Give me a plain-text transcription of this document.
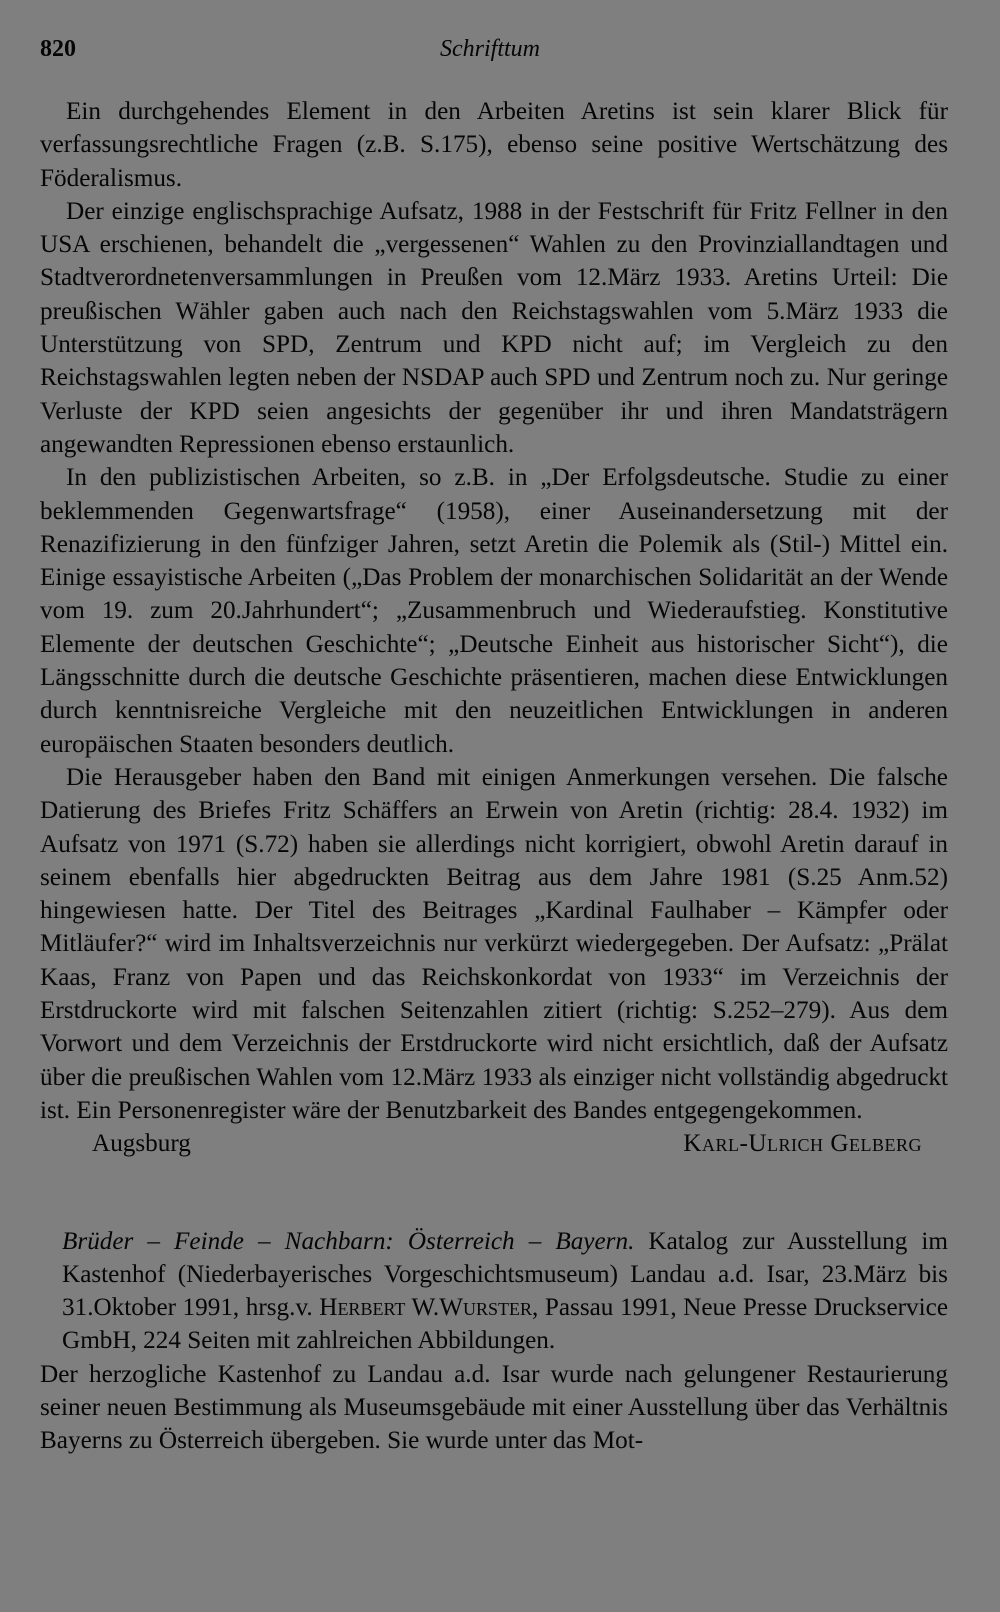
820	Schrifttum

Ein durchgehendes Element in den Arbeiten Aretins ist sein klarer Blick für verfassungsrechtliche Fragen (z.B. S.175), ebenso seine positive Wertschätzung des Föderalismus.

Der einzige englischsprachige Aufsatz, 1988 in der Festschrift für Fritz Fellner in den USA erschienen, behandelt die „vergessenen“ Wahlen zu den Provinziallandtagen und Stadtverordnetenversammlungen in Preußen vom 12.März 1933. Aretins Urteil: Die preußischen Wähler gaben auch nach den Reichstagswahlen vom 5.März 1933 die Unterstützung von SPD, Zentrum und KPD nicht auf; im Vergleich zu den Reichstagswahlen legten neben der NSDAP auch SPD und Zentrum noch zu. Nur geringe Verluste der KPD seien angesichts der gegenüber ihr und ihren Mandatsträgern angewandten Repressionen ebenso erstaunlich.

In den publizistischen Arbeiten, so z.B. in „Der Erfolgsdeutsche. Studie zu einer beklemmenden Gegenwartsfrage“ (1958), einer Auseinandersetzung mit der Renazifizierung in den fünfziger Jahren, setzt Aretin die Polemik als (Stil-) Mittel ein. Einige essayistische Arbeiten („Das Problem der monarchischen Solidarität an der Wende vom 19. zum 20.Jahrhundert“; „Zusammenbruch und Wiederaufstieg. Konstitutive Elemente der deutschen Geschichte“; „Deutsche Einheit aus historischer Sicht“), die Längsschnitte durch die deutsche Geschichte präsentieren, machen diese Entwicklungen durch kenntnisreiche Vergleiche mit den neuzeitlichen Entwicklungen in anderen europäischen Staaten besonders deutlich.

Die Herausgeber haben den Band mit einigen Anmerkungen versehen. Die falsche Datierung des Briefes Fritz Schäffers an Erwein von Aretin (richtig: 28.4. 1932) im Aufsatz von 1971 (S.72) haben sie allerdings nicht korrigiert, obwohl Aretin darauf in seinem ebenfalls hier abgedruckten Beitrag aus dem Jahre 1981 (S.25 Anm.52) hingewiesen hatte. Der Titel des Beitrages „Kardinal Faulhaber – Kämpfer oder Mitläufer?“ wird im Inhaltsverzeichnis nur verkürzt wiedergegeben. Der Aufsatz: „Prälat Kaas, Franz von Papen und das Reichskonkordat von 1933“ im Verzeichnis der Erstdruckorte wird mit falschen Seitenzahlen zitiert (richtig: S.252–279). Aus dem Vorwort und dem Verzeichnis der Erstdruckorte wird nicht ersichtlich, daß der Aufsatz über die preußischen Wahlen vom 12.März 1933 als einziger nicht vollständig abgedruckt ist. Ein Personenregister wäre der Benutzbarkeit des Bandes entgegengekommen.

Augsburg	Karl-Ulrich Gelberg

Brüder – Feinde – Nachbarn: Österreich – Bayern. Katalog zur Ausstellung im Kastenhof (Niederbayerisches Vorgeschichtsmuseum) Landau a.d. Isar, 23.März bis 31.Oktober 1991, hrsg.v. Herbert W.Wurster, Passau 1991, Neue Presse Druckservice GmbH, 224 Seiten mit zahlreichen Abbildungen.

Der herzogliche Kastenhof zu Landau a.d. Isar wurde nach gelungener Restaurierung seiner neuen Bestimmung als Museumsgebäude mit einer Ausstellung über das Verhältnis Bayerns zu Österreich übergeben. Sie wurde unter das Mot-
